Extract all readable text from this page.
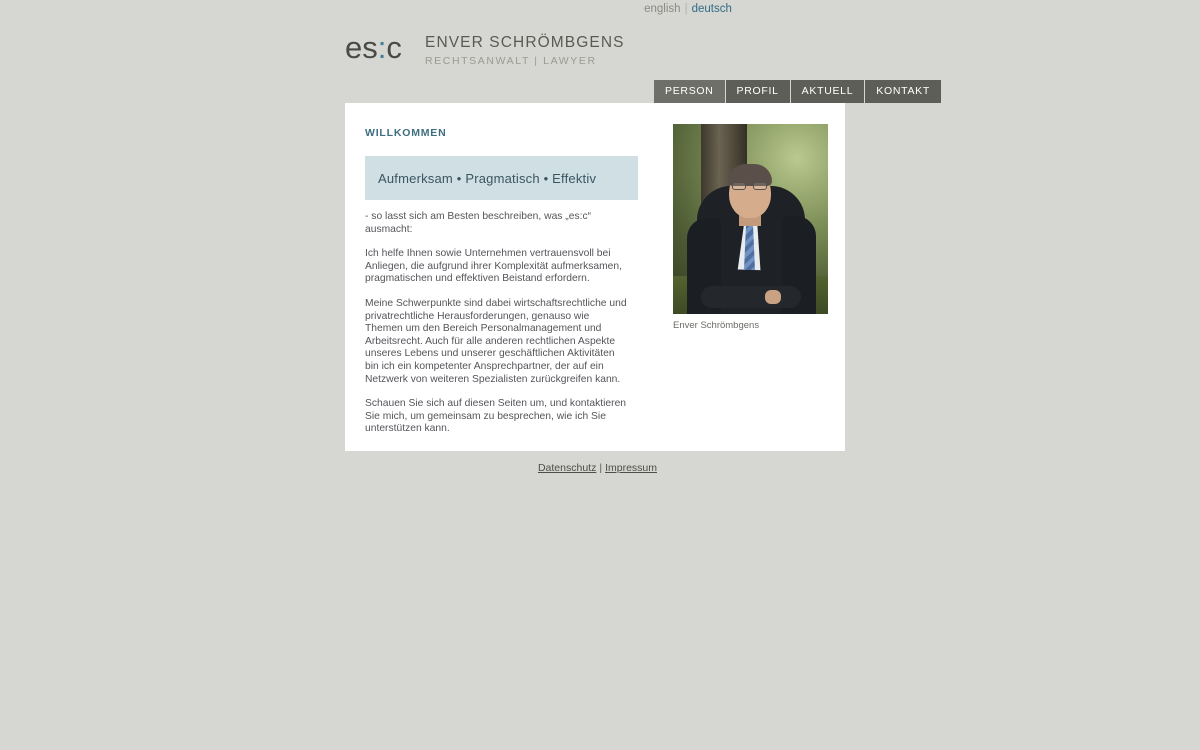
english | deutsch
es:c ENVER SCHRÖMBGENS
RECHTSANWALT | LAWYER
PERSON	PROFIL	AKTUELL	KONTAKT
WILLKOMMEN
Aufmerksam • Pragmatisch • Effektiv

- so lasst sich am Besten beschreiben, was „es:c“ ausmacht:

Ich helfe Ihnen sowie Unternehmen vertrauensvoll bei Anliegen, die aufgrund ihrer Komplexität aufmerksamen, pragmatischen und effektiven Beistand erfordern.

Meine Schwerpunkte sind dabei wirtschaftsrechtliche und privatrechtliche Herausforderungen, genauso wie Themen um den Bereich Personalmanagement und Arbeitsrecht. Auch für alle anderen rechtlichen Aspekte unseres Lebens und unserer geschäftlichen Aktivitäten bin ich ein kompetenter Ansprechpartner, der auf ein Netzwerk von weiteren Spezialisten zurückgreifen kann.

Schauen Sie sich auf diesen Seiten um, und kontaktieren Sie mich, um gemeinsam zu besprechen, wie ich Sie unterstützen kann.

Enver Schrömbgens
Datenschutz | Impressum
